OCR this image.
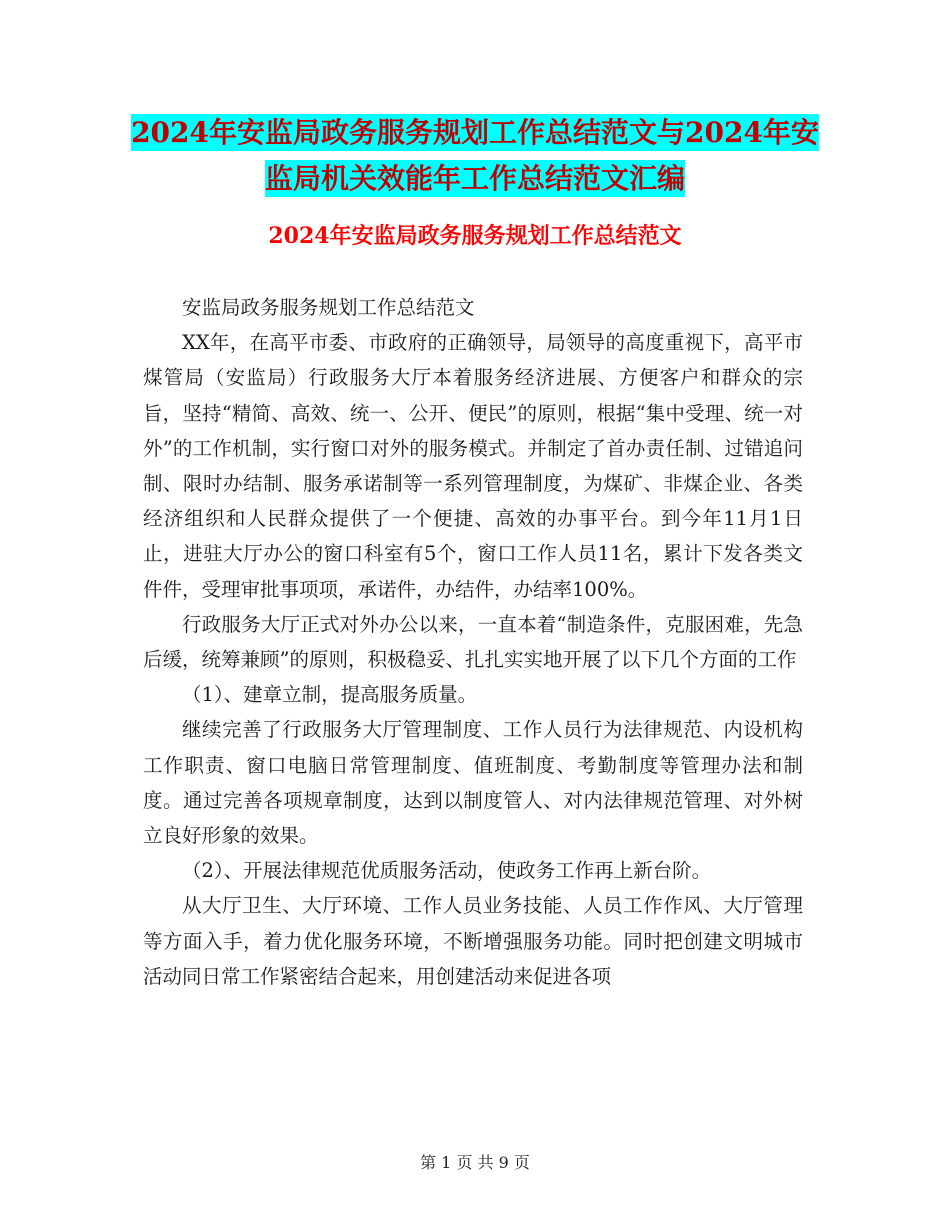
2024年安监局政务服务规划工作总结范文与2024年安
监局机关效能年工作总结范文汇编
2024年安监局政务服务规划工作总结范文

安监局政务服务规划工作总结范文

XX年，在高平市委、市政府的正确领导，局领导的高度重视下，高平市煤管局（安监局）行政服务大厅本着服务经济进展、方便客户和群众的宗旨，坚持“精简、高效、统一、公开、便民”的原则，根据“集中受理、统一对外”的工作机制，实行窗口对外的服务模式。并制定了首办责任制、过错追问制、限时办结制、服务承诺制等一系列管理制度，为煤矿、非煤企业、各类经济组织和人民群众提供了一个便捷、高效的办事平台。到今年11月1日止，进驻大厅办公的窗口科室有5个，窗口工作人员11名，累计下发各类文件件，受理审批事项项，承诺件，办结件，办结率100%。

行政服务大厅正式对外办公以来，一直本着“制造条件，克服困难，先急后缓，统筹兼顾”的原则，积极稳妥、扎扎实实地开展了以下几个方面的工作

（1）、建章立制，提高服务质量。

继续完善了行政服务大厅管理制度、工作人员行为法律规范、内设机构工作职责、窗口电脑日常管理制度、值班制度、考勤制度等管理办法和制度。通过完善各项规章制度，达到以制度管人、对内法律规范管理、对外树立良好形象的效果。

（2）、开展法律规范优质服务活动，使政务工作再上新台阶。

从大厅卫生、大厅环境、工作人员业务技能、人员工作作风、大厅管理等方面入手，着力优化服务环境，不断增强服务功能。同时把创建文明城市活动同日常工作紧密结合起来，用创建活动来促进各项

第 1 页 共 9 页
